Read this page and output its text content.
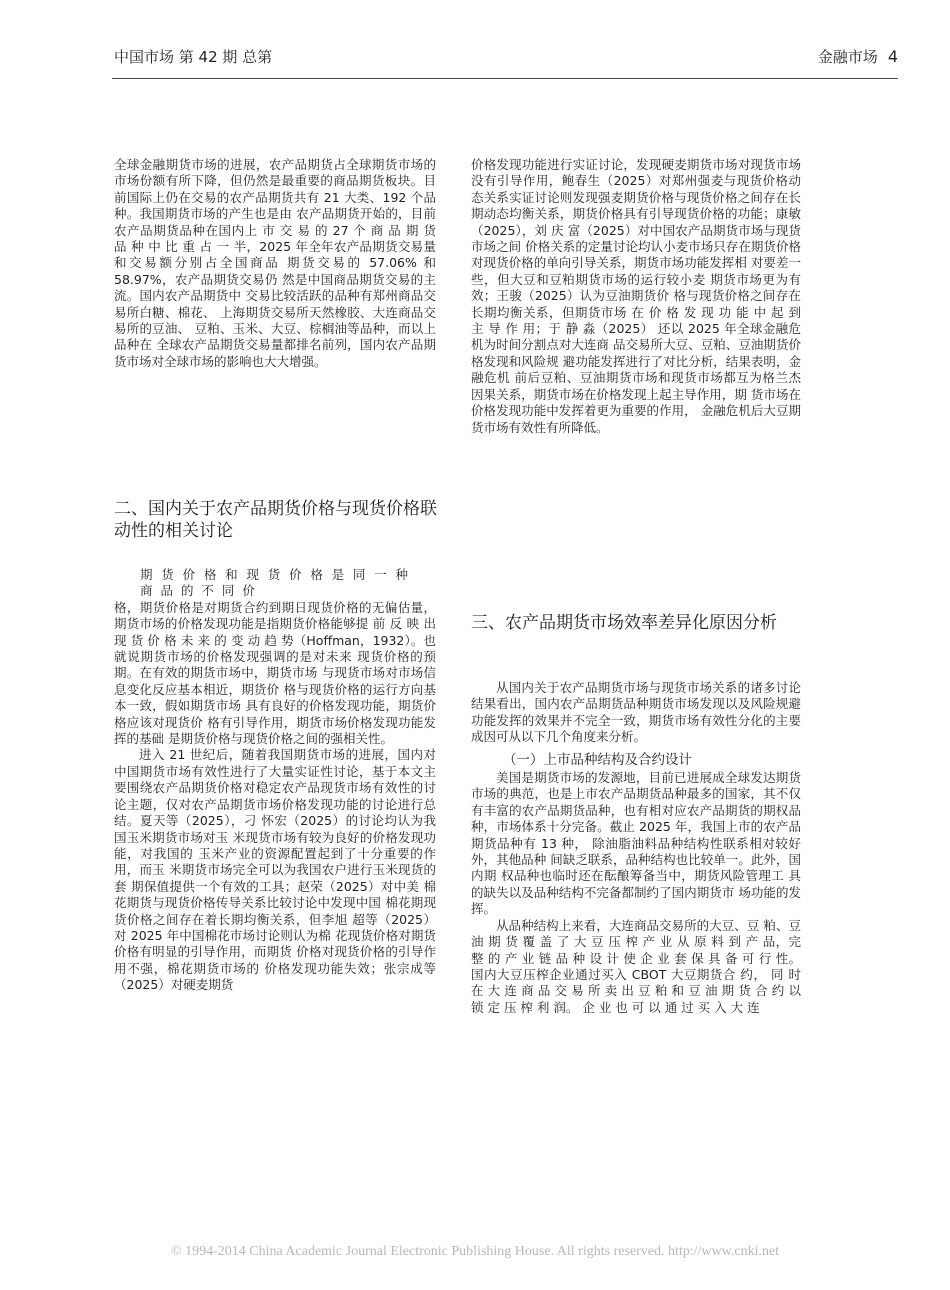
中国市场 第 42 期 总第	金融市场 4

全球金融期货市场的进展，农产品期货占全球期货市场的市场份额有所下降，但仍然是最重要的商品期货板块。目前国际上仍在交易的农产品期货共有 21 大类、192 个品种。我国期货市场的产生也是由 农产品期货开始的，目前农产品期货品种在国内上 市 交 易 的 27 个 商 品 期 货 品 种 中 比 重 占 一 半，2025 年全年农产品期货交易量和交易额分别占全国商品 期货交易的 57.06% 和 58.97%，农产品期货交易仍 然是中国商品期货交易的主流。国内农产品期货中 交易比较活跃的品种有郑州商品交易所白糖、棉花、 上海期货交易所天然橡胶、大连商品交易所的豆油、 豆粕、玉米、大豆、棕榈油等品种，而以上品种在 全球农产品期货交易量都排名前列，国内农产品期 货市场对全球市场的影响也大大增强。

二、国内关于农产品期货价格与现货价格联动性的相关讨论

期 货 价 格 和 现 货 价 格 是 同 一 种 商 品 的 不 同 价

格，期货价格是对期货合约到期日现货价格的无偏估量，期货市场的价格发现功能是指期货价格能够提 前 反 映 出 现 货 价 格 未 来 的 变 动 趋 势（Hoffman，1932）。也就说期货市场的价格发现强调的是对未来 现货价格的预期。在有效的期货市场中，期货市场 与现货市场对市场信息变化反应基本相近，期货价 格与现货价格的运行方向基本一致，假如期货市场 具有良好的价格发现功能，期货价格应该对现货价 格有引导作用，期货市场价格发现功能发挥的基础 是期货价格与现货价格之间的强相关性。

进入 21 世纪后，随着我国期货市场的进展，国内对中国期货市场有效性进行了大量实证性讨论，基于本文主要围绕农产品期货价格对稳定农产品现货市场有效性的讨论主题，仅对农产品期货市场价格发现功能的讨论进行总结。夏天等（2025），刁 怀宏（2025）的讨论均认为我国玉米期货市场对玉 米现货市场有较为良好的价格发现功能，对我国的 玉米产业的资源配置起到了十分重要的作用，而玉 米期货市场完全可以为我国农户进行玉米现货的套 期保值提供一个有效的工具；赵荣（2025）对中美 棉花期货与现货价格传导关系比较讨论中发现中国 棉花期现货价格之间存在着长期均衡关系，但李旭 超等（2025）对 2025 年中国棉花市场讨论则认为棉 花现货价格对期货价格有明显的引导作用，而期货 价格对现货价格的引导作用不强，棉花期货市场的 价格发现功能失效；张宗成等（2025）对硬麦期货

价格发现功能进行实证讨论，发现硬麦期货市场对现货市场没有引导作用，鲍春生（2025）对郑州强麦与现货价格动态关系实证讨论则发现强麦期货价格与现货价格之间存在长期动态均衡关系，期货价格具有引导现货价格的功能；康敏（2025），刘 庆 富（2025）对中国农产品期货市场与现货市场之间 价格关系的定量讨论均认小麦市场只存在期货价格 对现货价格的单向引导关系，期货市场功能发挥相 对要差一些，但大豆和豆粕期货市场的运行较小麦 期货市场更为有效；王骏（2025）认为豆油期货价 格与现货价格之间存在长期均衡关系，但期货市场 在 价 格 发 现 功 能 中 起 到 主 导 作 用；于 静 淼（2025） 还以 2025 年全球金融危机为时间分割点对大连商 品交易所大豆、豆粕、豆油期货价格发现和风险规 避功能发挥进行了对比分析，结果表明，金融危机 前后豆粕、豆油期货市场和现货市场都互为格兰杰 因果关系，期货市场在价格发现上起主导作用，期 货市场在价格发现功能中发挥着更为重要的作用， 金融危机后大豆期货市场有效性有所降低。

三、农产品期货市场效率差异化原因分析

从国内关于农产品期货市场与现货市场关系的诸多讨论结果看出，国内农产品期货品种期货市场发现以及风险规避功能发挥的效果并不完全一致，期货市场有效性分化的主要成因可从以下几个角度来分析。

（一）上市品种结构及合约设计

美国是期货市场的发源地，目前已进展成全球发达期货市场的典范，也是上市农产品期货品种最多的国家，其不仅有丰富的农产品期货品种，也有相对应农产品期货的期权品种，市场体系十分完备。截止 2025 年，我国上市的农产品期货品种有 13 种， 除油脂油料品种结构性联系相对较好外，其他品种 间缺乏联系，品种结构也比较单一。此外，国内期 权品种也临时还在酝酿筹备当中，期货风险管理工 具的缺失以及品种结构不完备都制约了国内期货市 场功能的发挥。

从品种结构上来看，大连商品交易所的大豆、豆 粕、豆 油 期 货 覆 盖 了 大 豆 压 榨 产 业 从 原 料 到 产 品，完 整 的 产 业 链 品 种 设 计 使 企 业 套 保 具 备 可 行 性。国内大豆压榨企业通过买入 CBOT 大豆期货合 约， 同 时 在 大 连 商 品 交 易 所 卖 出 豆 粕 和 豆 油 期 货 合 约 以 锁 定 压 榨 利 润。 企 业 也 可 以 通 过 买 入 大 连

© 1994-2014 China Academic Journal Electronic Publishing House. All rights reserved. http://www.cnki.net
